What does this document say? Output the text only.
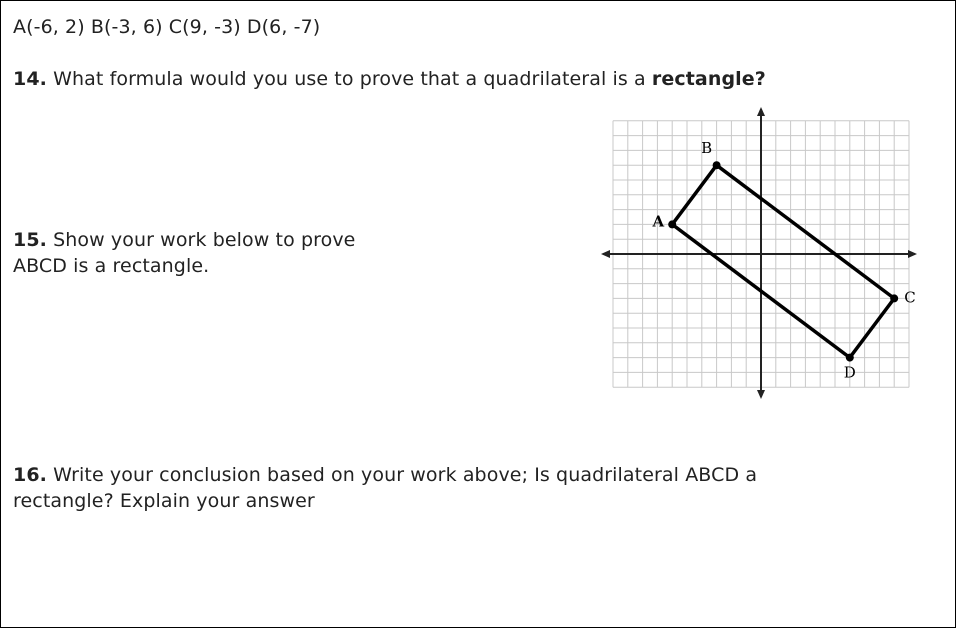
A(-6, 2) B(-3, 6) C(9, -3) D(6, -7)
14. What formula would you use to prove that a quadrilateral is a rectangle?
15. Show your work below to prove
ABCD is a rectangle.
16. Write your conclusion based on your work above; Is quadrilateral ABCD a
rectangle? Explain your answer
A
B
C
D
